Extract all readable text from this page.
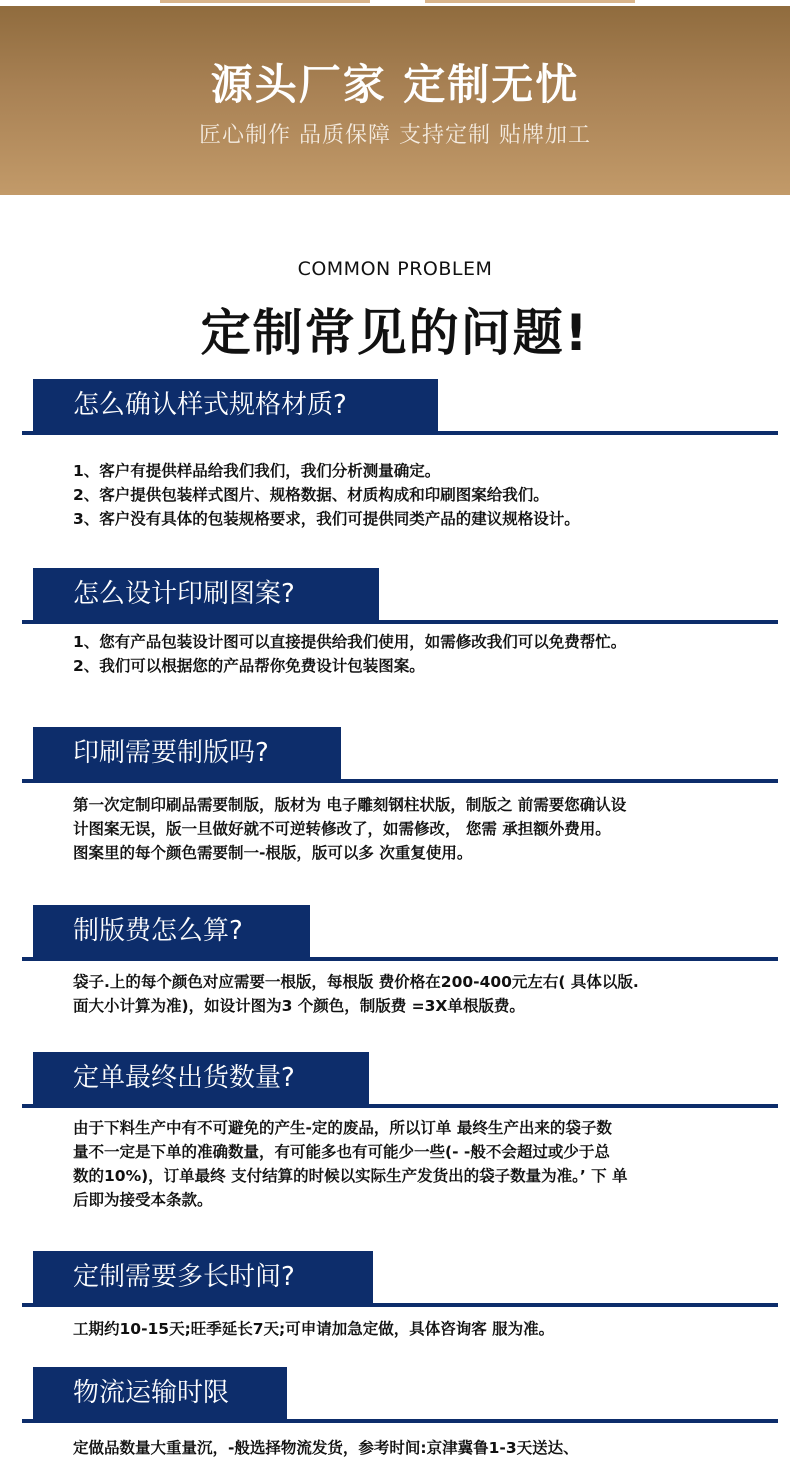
源头厂家 定制无忧
匠心制作 品质保障 支持定制 贴牌加工
COMMON PROBLEM
定制常见的问题!
怎么确认样式规格材质?

1、客户有提供样品给我们我们，我们分析测量确定。

2、客户提供包装样式图片、规格数据、材质构成和印刷图案给我们。

3、客户没有具体的包装规格要求，我们可提供同类产品的建议规格设计。

怎么设计印刷图案?

1、您有产品包装设计图可以直接提供给我们使用，如需修改我们可以免费帮忙。

2、我们可以根据您的产品帮你免费设计包装图案。

印刷需要制版吗?

第一次定制印刷品需要制版，版材为 电子雕刻钢柱状版，制版之 前需要您确认设

计图案无误，版一旦做好就不可逆转修改了，如需修改， 您需 承担额外费用。

图案里的每个颜色需要制一-根版，版可以多 次重复使用。

制版费怎么算?

袋子.上的每个颜色对应需要一根版，每根版 费价格在200-400元左右( 具体以版.

面大小计算为准)，如设计图为3 个颜色，制版费 =3X单根版费。

定单最终出货数量?

由于下料生产中有不可避免的产生-定的废品，所以订单 最终生产出来的袋子数

量不一定是下单的准确数量，有可能多也有可能少一些(- -般不会超过或少于总

数的10%)，订单最终 支付结算的时候以实际生产发货出的袋子数量为准。’ 下 单

后即为接受本条款。

定制需要多长时间?

工期约10-15天;旺季延长7天;可申请加急定做，具体咨询客 服为准。

物流运输时限

定做品数量大重量沉，-般选择物流发货，参考时间:京津冀鲁1-3天送达、
